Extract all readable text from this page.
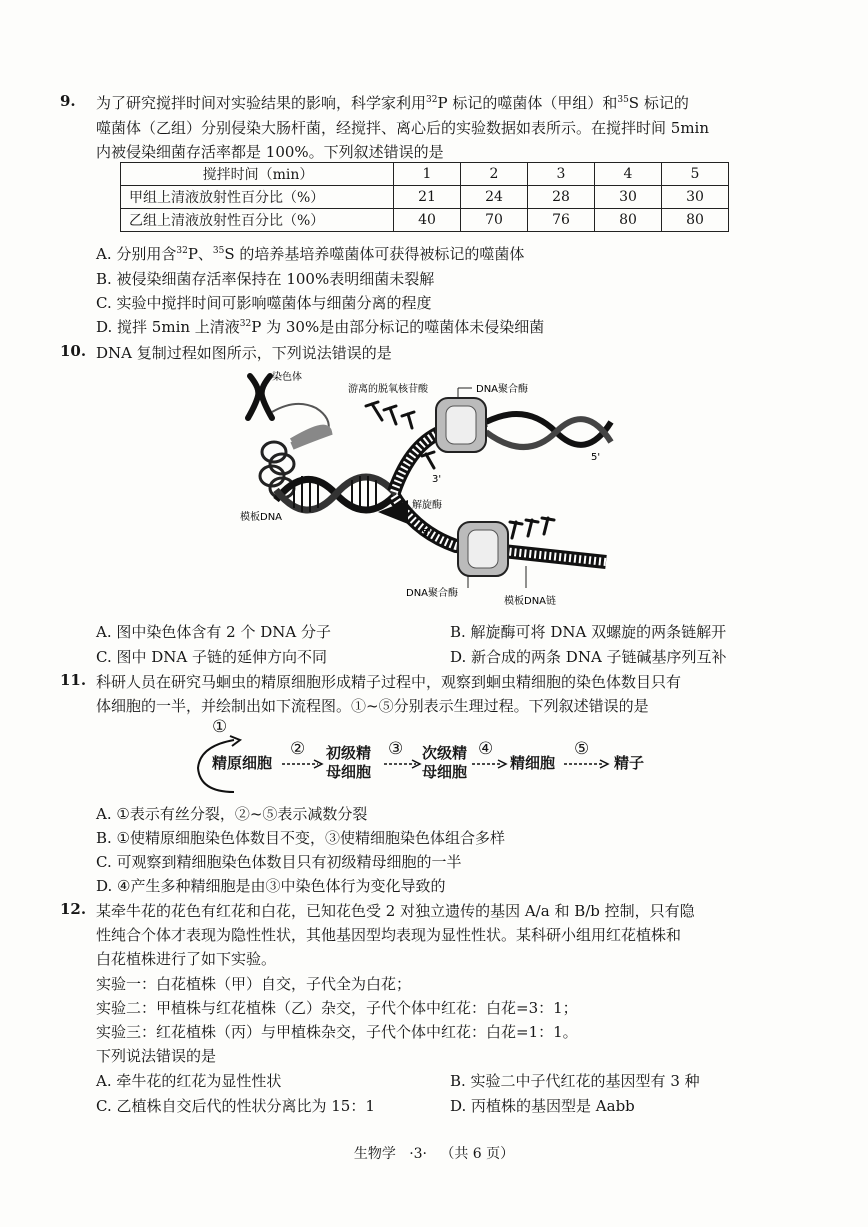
9. 为了研究搅拌时间对实验结果的影响，科学家利用$^{32}$P 标记的噬菌体（甲组）和$^{35}$S 标记的
噬菌体（乙组）分别侵染大肠杆菌，经搅拌、离心后的实验数据如表所示。在搅拌时间 5min
内被侵染细菌存活率都是 100%。下列叙述错误的是
搅拌时间（min）	1	2	3	4	5
甲组上清液放射性百分比（%）	21	24	28	30	30
乙组上清液放射性百分比（%）	40	70	76	80	80
A. 分别用含$^{32}$P、$^{35}$S 的培养基培养噬菌体可获得被标记的噬菌体
B. 被侵染细菌存活率保持在 100%表明细菌未裂解
C. 实验中搅拌时间可影响噬菌体与细菌分离的程度
D. 搅拌 5min 上清液$^{32}$P 为 30%是由部分标记的噬菌体未侵染细菌
10. DNA 复制过程如图所示，下列说法错误的是
染色体
游离的脱氧核苷酸	DNA聚合酶
5'
3'
解旋酶
模板DNA
5'
DNA聚合酶
模板DNA链
A. 图中染色体含有 2 个 DNA 分子	B. 解旋酶可将 DNA 双螺旋的两条链解开
C. 图中 DNA 子链的延伸方向不同	D. 新合成的两条 DNA 子链碱基序列互补
11. 科研人员在研究马蛔虫的精原细胞形成精子过程中，观察到蛔虫精细胞的染色体数目只有
体细胞的一半，并绘制出如下流程图。①~⑤分别表示生理过程。下列叙述错误的是
①
精原细胞
② 初级精
母细胞
③ 次级精
母细胞
④
精细胞
⑤
精子
A. ①表示有丝分裂，②~⑤表示减数分裂
B. ①使精原细胞染色体数目不变，③使精细胞染色体组合多样
C. 可观察到精细胞染色体数目只有初级精母细胞的一半
D. ④产生多种精细胞是由③中染色体行为变化导致的
12. 某牵牛花的花色有红花和白花，已知花色受 2 对独立遗传的基因 A/a 和 B/b 控制，只有隐
性纯合个体才表现为隐性性状，其他基因型均表现为显性性状。某科研小组用红花植株和
白花植株进行了如下实验。
实验一：白花植株（甲）自交，子代全为白花；
实验二：甲植株与红花植株（乙）杂交，子代个体中红花：白花=3：1；
实验三：红花植株（丙）与甲植株杂交，子代个体中红花：白花=1：1。
下列说法错误的是
A. 牵牛花的红花为显性性状	B. 实验二中子代红花的基因型有 3 种
C. 乙植株自交后代的性状分离比为 15：1	D. 丙植株的基因型是 Aabb
生物学 ·3· （共 6 页）
